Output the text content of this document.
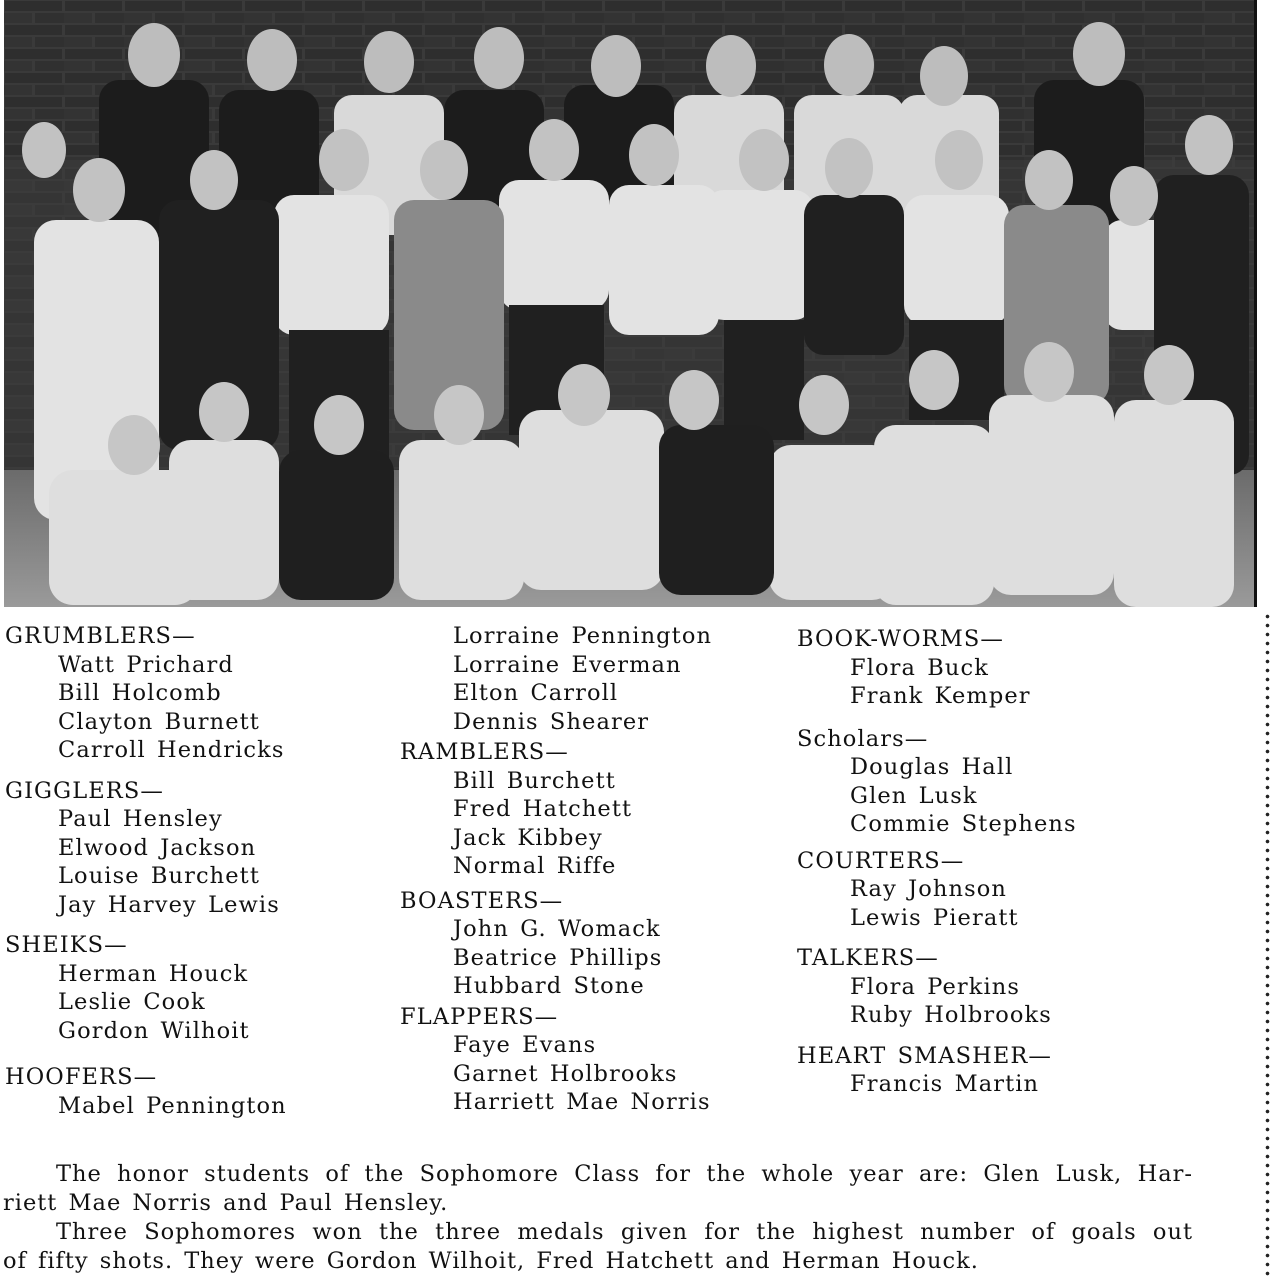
GRUMBLERS—
Watt Prichard
Bill Holcomb
Clayton Burnett
Carroll Hendricks
GIGGLERS—
Paul Hensley
Elwood Jackson
Louise Burchett
Jay Harvey Lewis
SHEIKS—
Herman Houck
Leslie Cook
Gordon Wilhoit
HOOFERS—
Mabel Pennington
Lorraine Pennington
Lorraine Everman
Elton Carroll
Dennis Shearer
RAMBLERS—
Bill Burchett
Fred Hatchett
Jack Kibbey
Normal Riffe
BOASTERS—
John G. Womack
Beatrice Phillips
Hubbard Stone
FLAPPERS—
Faye Evans
Garnet Holbrooks
Harriett Mae Norris
BOOK-WORMS—
Flora Buck
Frank Kemper
Scholars—
Douglas Hall
Glen Lusk
Commie Stephens
COURTERS—
Ray Johnson
Lewis Pieratt
TALKERS—
Flora Perkins
Ruby Holbrooks
HEART SMASHER—
Francis Martin
The honor students of the Sophomore Class for the whole year are: Glen Lusk, Har-
riett Mae Norris and Paul Hensley.
Three Sophomores won the three medals given for the highest number of goals out
of fifty shots. They were Gordon Wilhoit, Fred Hatchett and Herman Houck.
